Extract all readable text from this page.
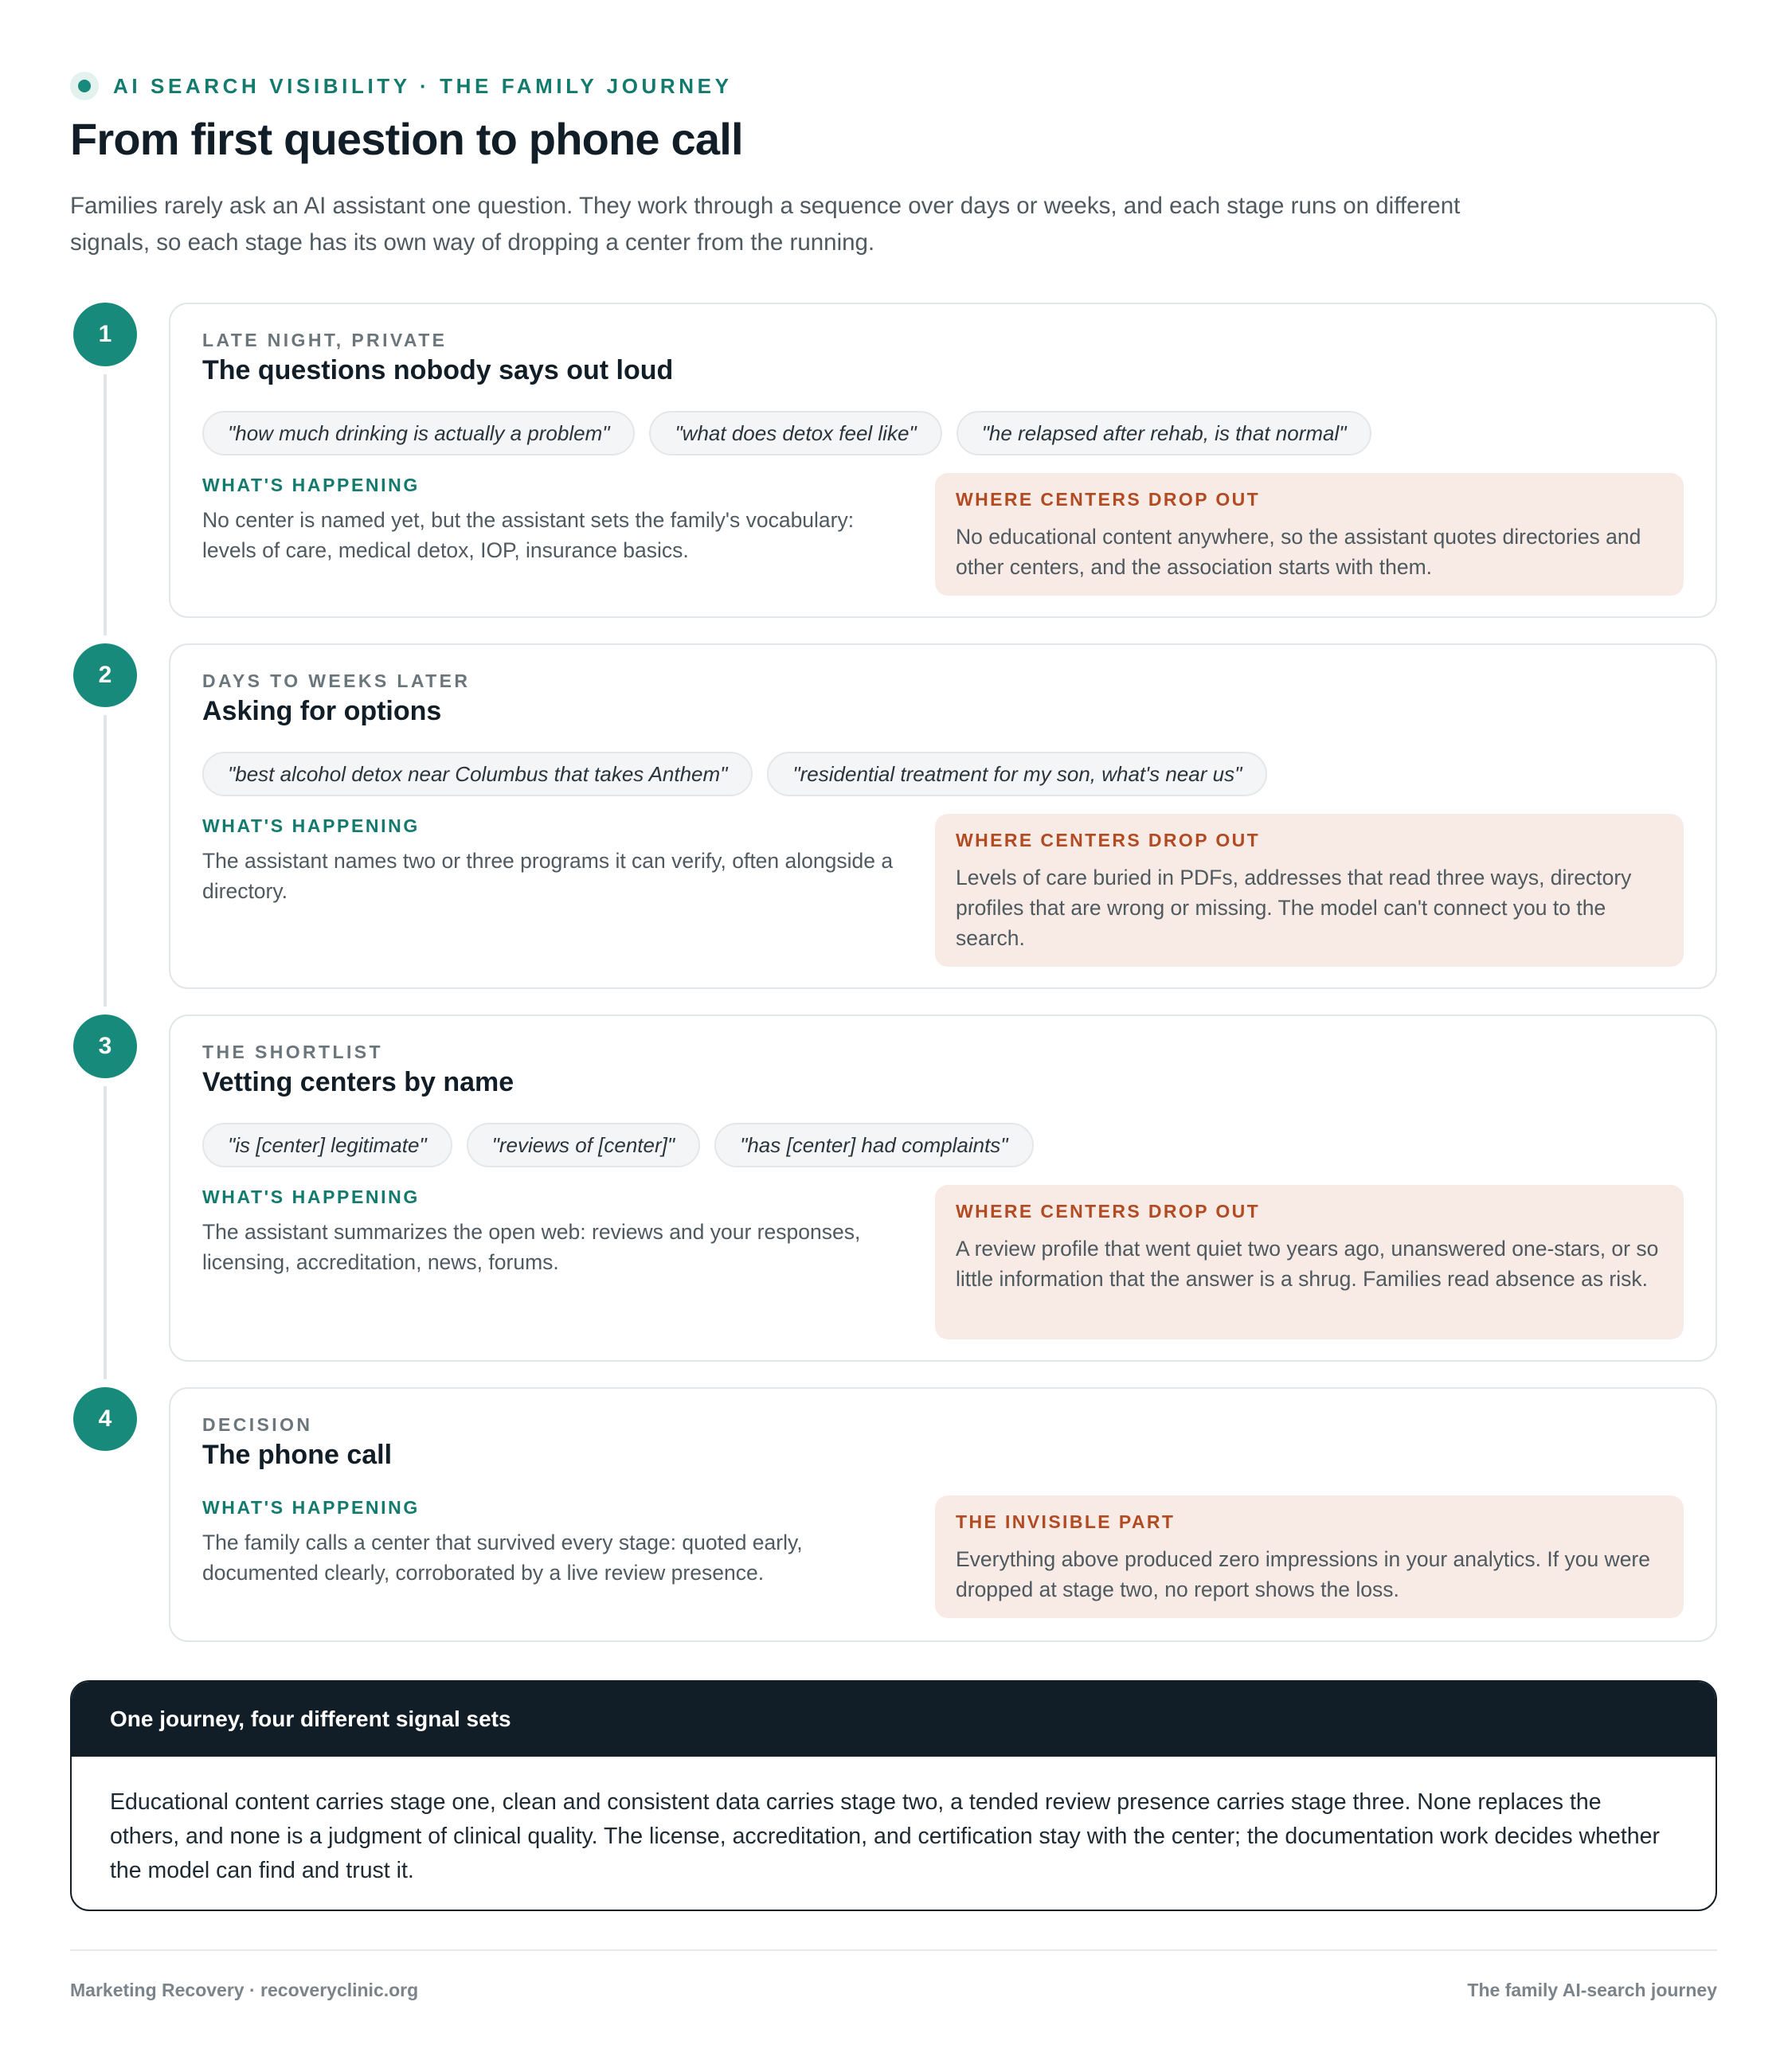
AI SEARCH VISIBILITY · THE FAMILY JOURNEY
From first question to phone call

Families rarely ask an AI assistant one question. They work through a sequence over days or weeks, and each stage runs on different signals, so each stage has its own way of dropping a center from the running.

1	LATE NIGHT, PRIVATE
The questions nobody says out loud
"how much drinking is actually a problem"	"what does detox feel like"	"he relapsed after rehab, is that normal"
WHAT'S HAPPENING

No center is named yet, but the assistant sets the family's vocabulary: levels of care, medical detox, IOP, insurance basics.

WHERE CENTERS DROP OUT

No educational content anywhere, so the assistant quotes directories and other centers, and the association starts with them.

2	DAYS TO WEEKS LATER
Asking for options
"best alcohol detox near Columbus that takes Anthem"	"residential treatment for my son, what's near us"
WHAT'S HAPPENING

The assistant names two or three programs it can verify, often alongside a directory.

WHERE CENTERS DROP OUT

Levels of care buried in PDFs, addresses that read three ways, directory profiles that are wrong or missing. The model can't connect you to the search.

3	THE SHORTLIST
Vetting centers by name
"is [center] legitimate"	"reviews of [center]"	"has [center] had complaints"
WHAT'S HAPPENING

The assistant summarizes the open web: reviews and your responses, licensing, accreditation, news, forums.

WHERE CENTERS DROP OUT

A review profile that went quiet two years ago, unanswered one-stars, or so little information that the answer is a shrug. Families read absence as risk.

4	DECISION
The phone call
WHAT'S HAPPENING

The family calls a center that survived every stage: quoted early, documented clearly, corroborated by a live review presence.

THE INVISIBLE PART

Everything above produced zero impressions in your analytics. If you were dropped at stage two, no report shows the loss.

One journey, four different signal sets

Educational content carries stage one, clean and consistent data carries stage two, a tended review presence carries stage three. None replaces the others, and none is a judgment of clinical quality. The license, accreditation, and certification stay with the center; the documentation work decides whether the model can find and trust it.

Marketing Recovery · recoveryclinic.org	The family AI-search journey
